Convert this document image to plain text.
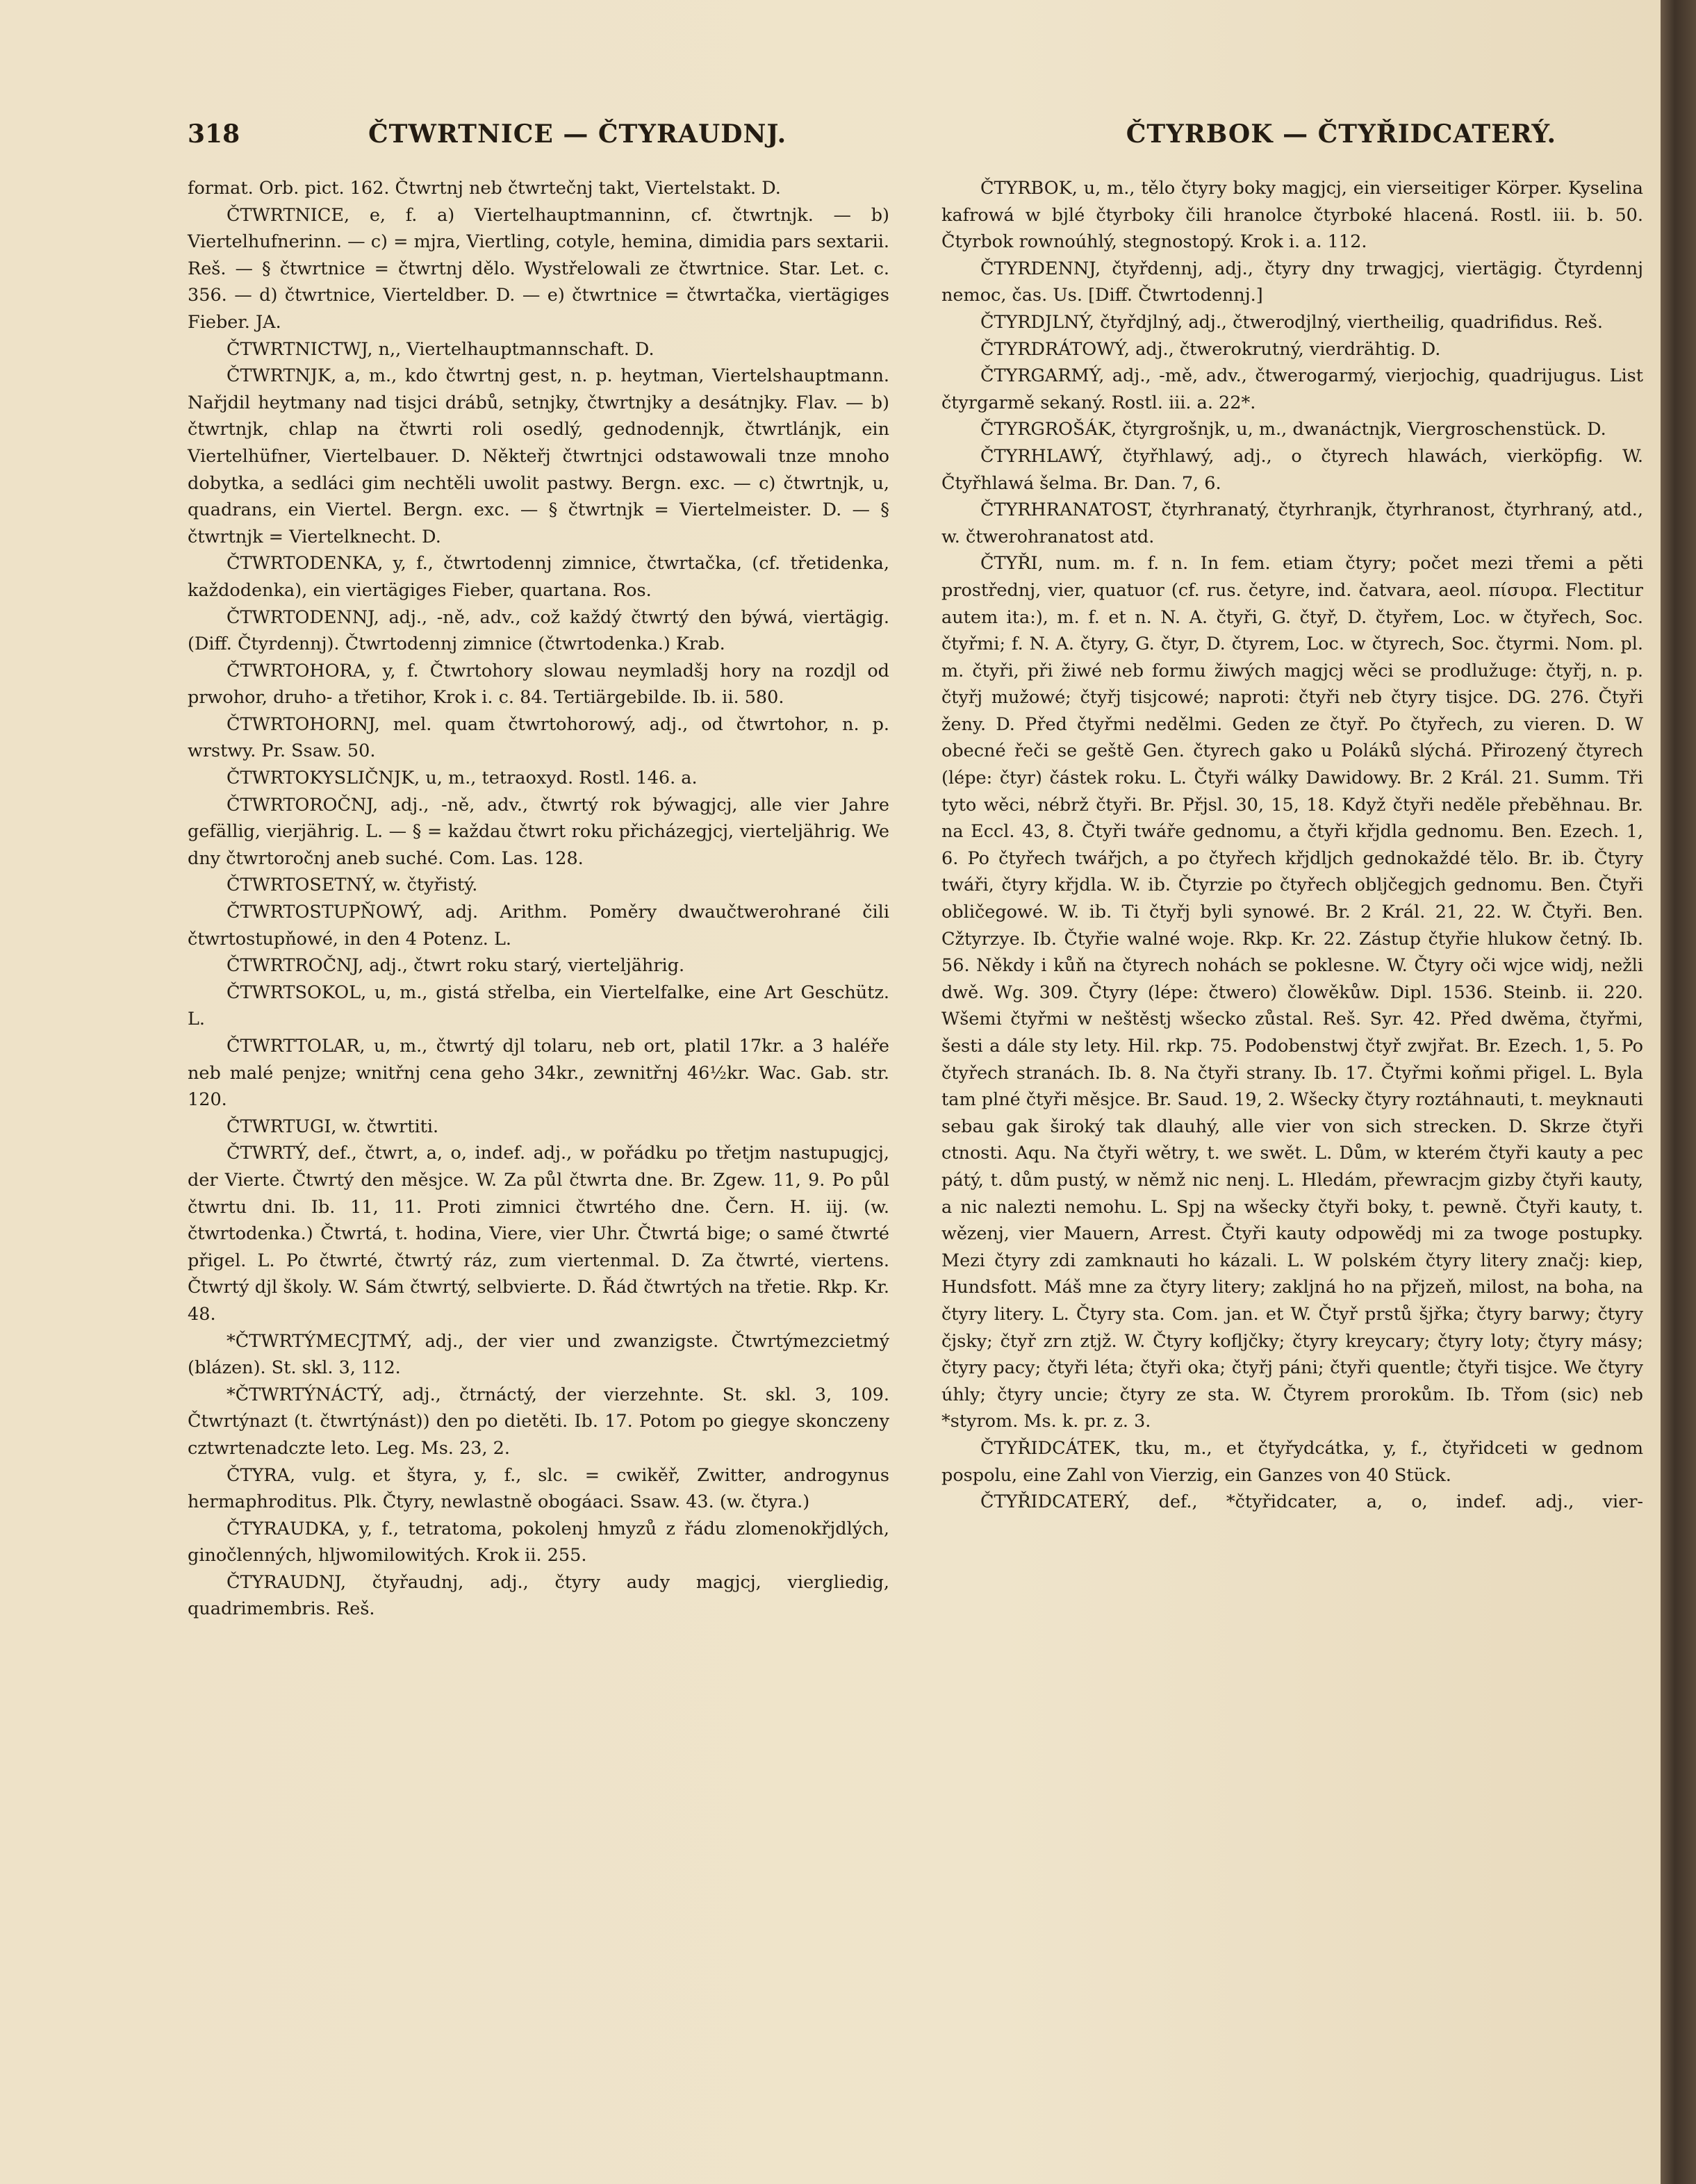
318	ČTWRTNICE — ČTYRAUDNJ.	ČTYRBOK — ČTYŘIDCATERÝ.

format. Orb. pict. 162. Čtwrtnj neb čtwrtečnj takt, Viertelstakt. D.

ČTWRTNICE, e, f. a) Viertelhauptmanninn, cf. čtwrtnjk. — b) Viertelhufnerinn. — c) = mjra, Viertling, cotyle, hemina, dimidia pars sextarii. Reš. — § čtwrtnice = čtwrtnj dělo. Wystřelowali ze čtwrtnice. Star. Let. c. 356. — d) čtwrtnice, Vierteldber. D. — e) čtwrtnice = čtwrtačka, viertägiges Fieber. JA.

ČTWRTNICTWJ, n,, Viertelhauptmannschaft. D.

ČTWRTNJK, a, m., kdo čtwrtnj gest, n. p. heytman, Viertelshauptmann. Nařjdil heytmany nad tisjci drábů, setnjky, čtwrtnjky a desátnjky. Flav. — b) čtwrtnjk, chlap na čtwrti roli osedlý, gednodennjk, čtwrtlánjk, ein Viertelhüfner, Viertelbauer. D. Někteřj čtwrtnjci odstawowali tnze mnoho dobytka, a sedláci gim nechtěli uwolit pastwy. Bergn. exc. — c) čtwrtnjk, u, quadrans, ein Viertel. Bergn. exc. — § čtwrtnjk = Viertelmeister. D. — § čtwrtnjk = Viertelknecht. D.

ČTWRTODENKA, y, f., čtwrtodennj zimnice, čtwrtačka, (cf. třetidenka, každodenka), ein viertägiges Fieber, quartana. Ros.

ČTWRTODENNJ, adj., -ně, adv., což každý čtwrtý den býwá, viertägig. (Diff. Čtyrdennj). Čtwrtodennj zimnice (čtwrtodenka.) Krab.

ČTWRTOHORA, y, f. Čtwrtohory slowau neymladšj hory na rozdjl od prwohor, druho- a třetihor, Krok i. c. 84. Tertiärgebilde. Ib. ii. 580.

ČTWRTOHORNJ, mel. quam čtwrtohorowý, adj., od čtwrtohor, n. p. wrstwy. Pr. Ssaw. 50.

ČTWRTOKYSLIČNJK, u, m., tetraoxyd. Rostl. 146. a.

ČTWRTOROČNJ, adj., -ně, adv., čtwrtý rok býwagjcj, alle vier Jahre gefällig, vierjährig. L. — § = každau čtwrt roku přicházegjcj, vierteljährig. We dny čtwrtoročnj aneb suché. Com. Las. 128.

ČTWRTOSETNÝ, w. čtyřistý.

ČTWRTOSTUPŇOWÝ, adj. Arithm. Poměry dwaučtwerohrané čili čtwrtostupňowé, in den 4 Potenz. L.

ČTWRTROČNJ, adj., čtwrt roku starý, vierteljährig.

ČTWRTSOKOL, u, m., gistá střelba, ein Viertelfalke, eine Art Geschütz. L.

ČTWRTTOLAR, u, m., čtwrtý djl tolaru, neb ort, platil 17kr. a 3 haléře neb malé penjze; wnitřnj cena geho 34kr., zewnitřnj 46½kr. Wac. Gab. str. 120.

ČTWRTUGI, w. čtwrtiti.

ČTWRTÝ, def., čtwrt, a, o, indef. adj., w pořádku po třetjm nastupugjcj, der Vierte. Čtwrtý den měsjce. W. Za půl čtwrta dne. Br. Zgew. 11, 9. Po půl čtwrtu dni. Ib. 11, 11. Proti zimnici čtwrtého dne. Čern. H. iij. (w. čtwrtodenka.) Čtwrtá, t. hodina, Viere, vier Uhr. Čtwrtá bige; o samé čtwrté přigel. L. Po čtwrté, čtwrtý ráz, zum viertenmal. D. Za čtwrté, viertens. Čtwrtý djl školy. W. Sám čtwrtý, selbvierte. D. Řád čtwrtých na třetie. Rkp. Kr. 48.

*ČTWRTÝMECJTMÝ, adj., der vier und zwanzigste. Čtwrtýmezcietmý (blázen). St. skl. 3, 112.

*ČTWRTÝNÁCTÝ, adj., čtrnáctý, der vierzehnte. St. skl. 3, 109. Čtwrtýnazt (t. čtwrtýnást)) den po dietěti. Ib. 17. Potom po giegye skonczeny cztwrtenadczte leto. Leg. Ms. 23, 2.

ČTYRA, vulg. et štyra, y, f., slc. = cwikěř, Zwitter, androgynus hermaphroditus. Plk. Čtyry, newlastně obogáaci. Ssaw. 43. (w. čtyra.)

ČTYRAUDKA, y, f., tetratoma, pokolenj hmyzů z řádu zlomenokřjdlých, ginočlenných, hljwomilowitých. Krok ii. 255.

ČTYRAUDNJ, čtyřaudnj, adj., čtyry audy magjcj, viergliedig, quadrimembris. Reš.

ČTYRBOK, u, m., tělo čtyry boky magjcj, ein vierseitiger Körper. Kyselina kafrowá w bjlé čtyrboky čili hranolce čtyrboké hlacená. Rostl. iii. b. 50. Čtyrbok rownoúhlý, stegnostopý. Krok i. a. 112.

ČTYRDENNJ, čtyřdennj, adj., čtyry dny trwagjcj, viertägig. Čtyrdennj nemoc, čas. Us. [Diff. Čtwrtodennj.]

ČTYRDJLNÝ, čtyřdjlný, adj., čtwerodjlný, viertheilig, quadrifidus. Reš.

ČTYRDRÁTOWÝ, adj., čtwerokrutný, vierdrähtig. D.

ČTYRGARMÝ, adj., -mě, adv., čtwerogarmý, vierjochig, quadrijugus. List čtyrgarmě sekaný. Rostl. iii. a. 22*.

ČTYRGROŠÁK, čtyrgrošnjk, u, m., dwanáctnjk, Viergroschenstück. D.

ČTYRHLAWÝ, čtyřhlawý, adj., o čtyrech hlawách, vierköpfig. W. Čtyřhlawá šelma. Br. Dan. 7, 6.

ČTYRHRANATOST, čtyrhranatý, čtyrhranjk, čtyrhranost, čtyrhraný, atd., w. čtwerohranatost atd.

ČTYŘI, num. m. f. n. In fem. etiam čtyry; počet mezi třemi a pěti prostřednj, vier, quatuor (cf. rus. četyre, ind. čatvara, aeol. πίσυρα. Flectitur autem ita:), m. f. et n. N. A. čtyři, G. čtyř, D. čtyřem, Loc. w čtyřech, Soc. čtyřmi; f. N. A. čtyry, G. čtyr, D. čtyrem, Loc. w čtyrech, Soc. čtyrmi. Nom. pl. m. čtyři, při žiwé neb formu žiwých magjcj wěci se prodlužuge: čtyřj, n. p. čtyřj mužowé; čtyřj tisjcowé; naproti: čtyři neb čtyry tisjce. DG. 276. Čtyři ženy. D. Před čtyřmi nedělmi. Geden ze čtyř. Po čtyřech, zu vieren. D. W obecné řeči se geště Gen. čtyrech gako u Poláků slýchá. Přirozený čtyrech (lépe: čtyr) částek roku. L. Čtyři wálky Dawidowy. Br. 2 Král. 21. Summ. Tři tyto wěci, nébrž čtyři. Br. Přjsl. 30, 15, 18. Když čtyři neděle přeběhnau. Br. na Eccl. 43, 8. Čtyři twáře gednomu, a čtyři křjdla gednomu. Ben. Ezech. 1, 6. Po čtyřech twářjch, a po čtyřech křjdljch gednokaždé tělo. Br. ib. Čtyry twáři, čtyry křjdla. W. ib. Čtyrzie po čtyřech obljčegjch gednomu. Ben. Čtyři obličegowé. W. ib. Ti čtyřj byli synowé. Br. 2 Král. 21, 22. W. Čtyři. Ben. Cžtyrzye. Ib. Čtyřie walné woje. Rkp. Kr. 22. Zástup čtyřie hlukow četný. Ib. 56. Někdy i kůň na čtyrech nohách se poklesne. W. Čtyry oči wjce widj, nežli dwě. Wg. 309. Čtyry (lépe: čtwero) člowěkůw. Dipl. 1536. Steinb. ii. 220. Wšemi čtyřmi w neštěstj wšecko zůstal. Reš. Syr. 42. Před dwěma, čtyřmi, šesti a dále sty lety. Hil. rkp. 75. Podobenstwj čtyř zwjřat. Br. Ezech. 1, 5. Po čtyřech stranách. Ib. 8. Na čtyři strany. Ib. 17. Čtyřmi koňmi přigel. L. Byla tam plné čtyři měsjce. Br. Saud. 19, 2. Wšecky čtyry roztáhnauti, t. meyknauti sebau gak široký tak dlauhý, alle vier von sich strecken. D. Skrze čtyři ctnosti. Aqu. Na čtyři wětry, t. we swět. L. Dům, w kterém čtyři kauty a pec pátý, t. dům pustý, w němž nic nenj. L. Hledám, přewracjm gizby čtyři kauty, a nic nalezti nemohu. L. Spj na wšecky čtyři boky, t. pewně. Čtyři kauty, t. wězenj, vier Mauern, Arrest. Čtyři kauty odpowědj mi za twoge postupky. Mezi čtyry zdi zamknauti ho kázali. L. W polském čtyry litery značj: kiep, Hundsfott. Máš mne za čtyry litery; zakljná ho na přjzeň, milost, na boha, na čtyry litery. L. Čtyry sta. Com. jan. et W. Čtyř prstů šjřka; čtyry barwy; čtyry čjsky; čtyř zrn ztjž. W. Čtyry kofljčky; čtyry kreycary; čtyry loty; čtyry másy; čtyry pacy; čtyři léta; čtyři oka; čtyřj páni; čtyři quentle; čtyři tisjce. We čtyry úhly; čtyry uncie; čtyry ze sta. W. Čtyrem prorokům. Ib. Třom (sic) neb *styrom. Ms. k. pr. z. 3.

ČTYŘIDCÁTEK, tku, m., et čtyřydcátka, y, f., čtyřidceti w gednom pospolu, eine Zahl von Vierzig, ein Ganzes von 40 Stück.

ČTYŘIDCATERÝ, def., *čtyřidcater, a, o, indef. adj., vier-
